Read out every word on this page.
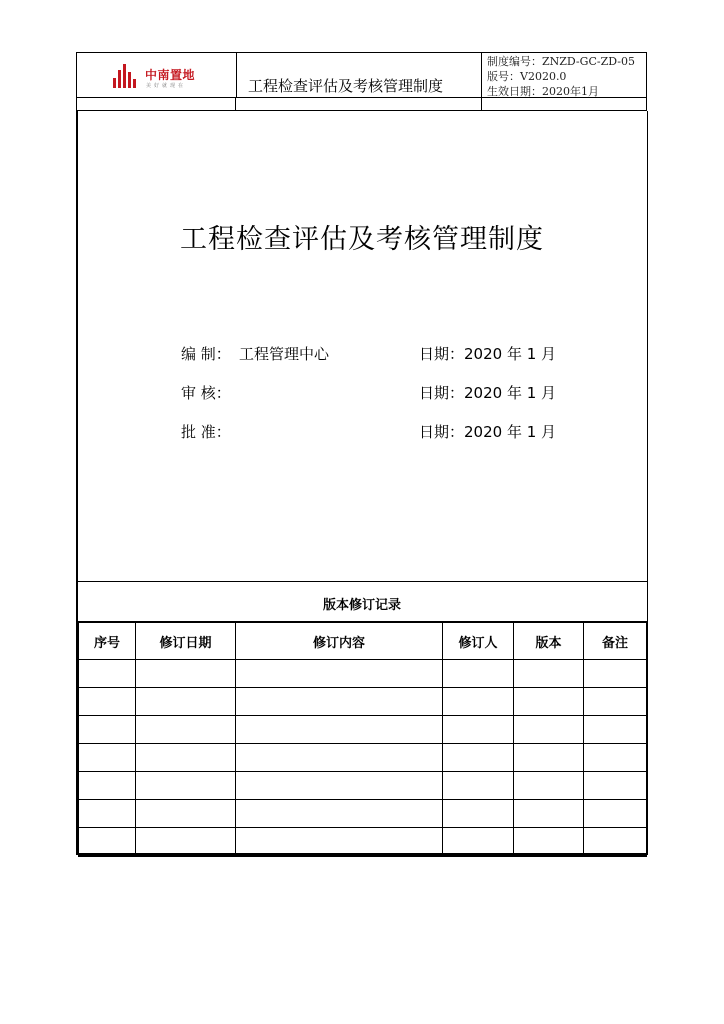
中南置地
美好就现在	工程检查评估及考核管理制度
制度编号：ZNZD-GC-ZD-05
版号：V2020.0
生效日期：2020年1月
工程检查评估及考核管理制度
编 制： 工程管理中心	日期：2020 年 1 月
审 核：	日期：2020 年 1 月
批 准：	日期：2020 年 1 月
版本修订记录
序号	修订日期	修订内容	修订人	版本	备注
